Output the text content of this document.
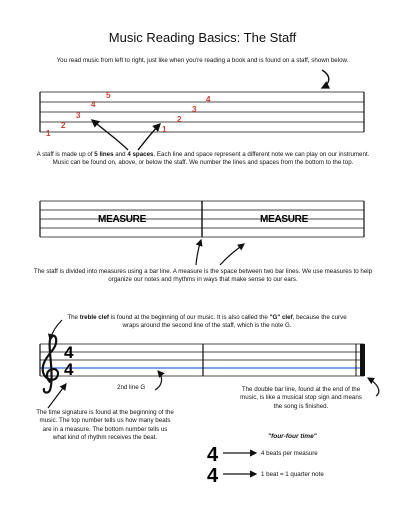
Music Reading Basics: The Staff
You read music from left to right, just like when you're reading a book and is found on a staff, shown below.
A staff is made up of 5 lines and 4 spaces. Each line and space represent a different note we can play on our instrument. Music can be found on, above, or below the staff. We number the lines and spaces from the bottom to the top.
The staff is divided into measures using a bar line. A measure is the space between two bar lines. We use measures to help organize our notes and rhythms in ways that make sense to our ears.
The treble clef is found at the beginning of our music. It is also called the "G" clef, because the curve wraps around the second line of the staff, which is the note G.
2nd line G	The double bar line, found at the end of the music, is like a musical stop sign and means the song is finished.
The time signature is found at the beginning of the music. The top number tells us how many beats are in a measure. The bottom number tells us what kind of rhythm receives the beat.	"four-four time"
4 beats per measure
1 beat = 1 quarter note
1
2
3
4
5
1
2
3
4
MEASURE	MEASURE
4
4
4
4
